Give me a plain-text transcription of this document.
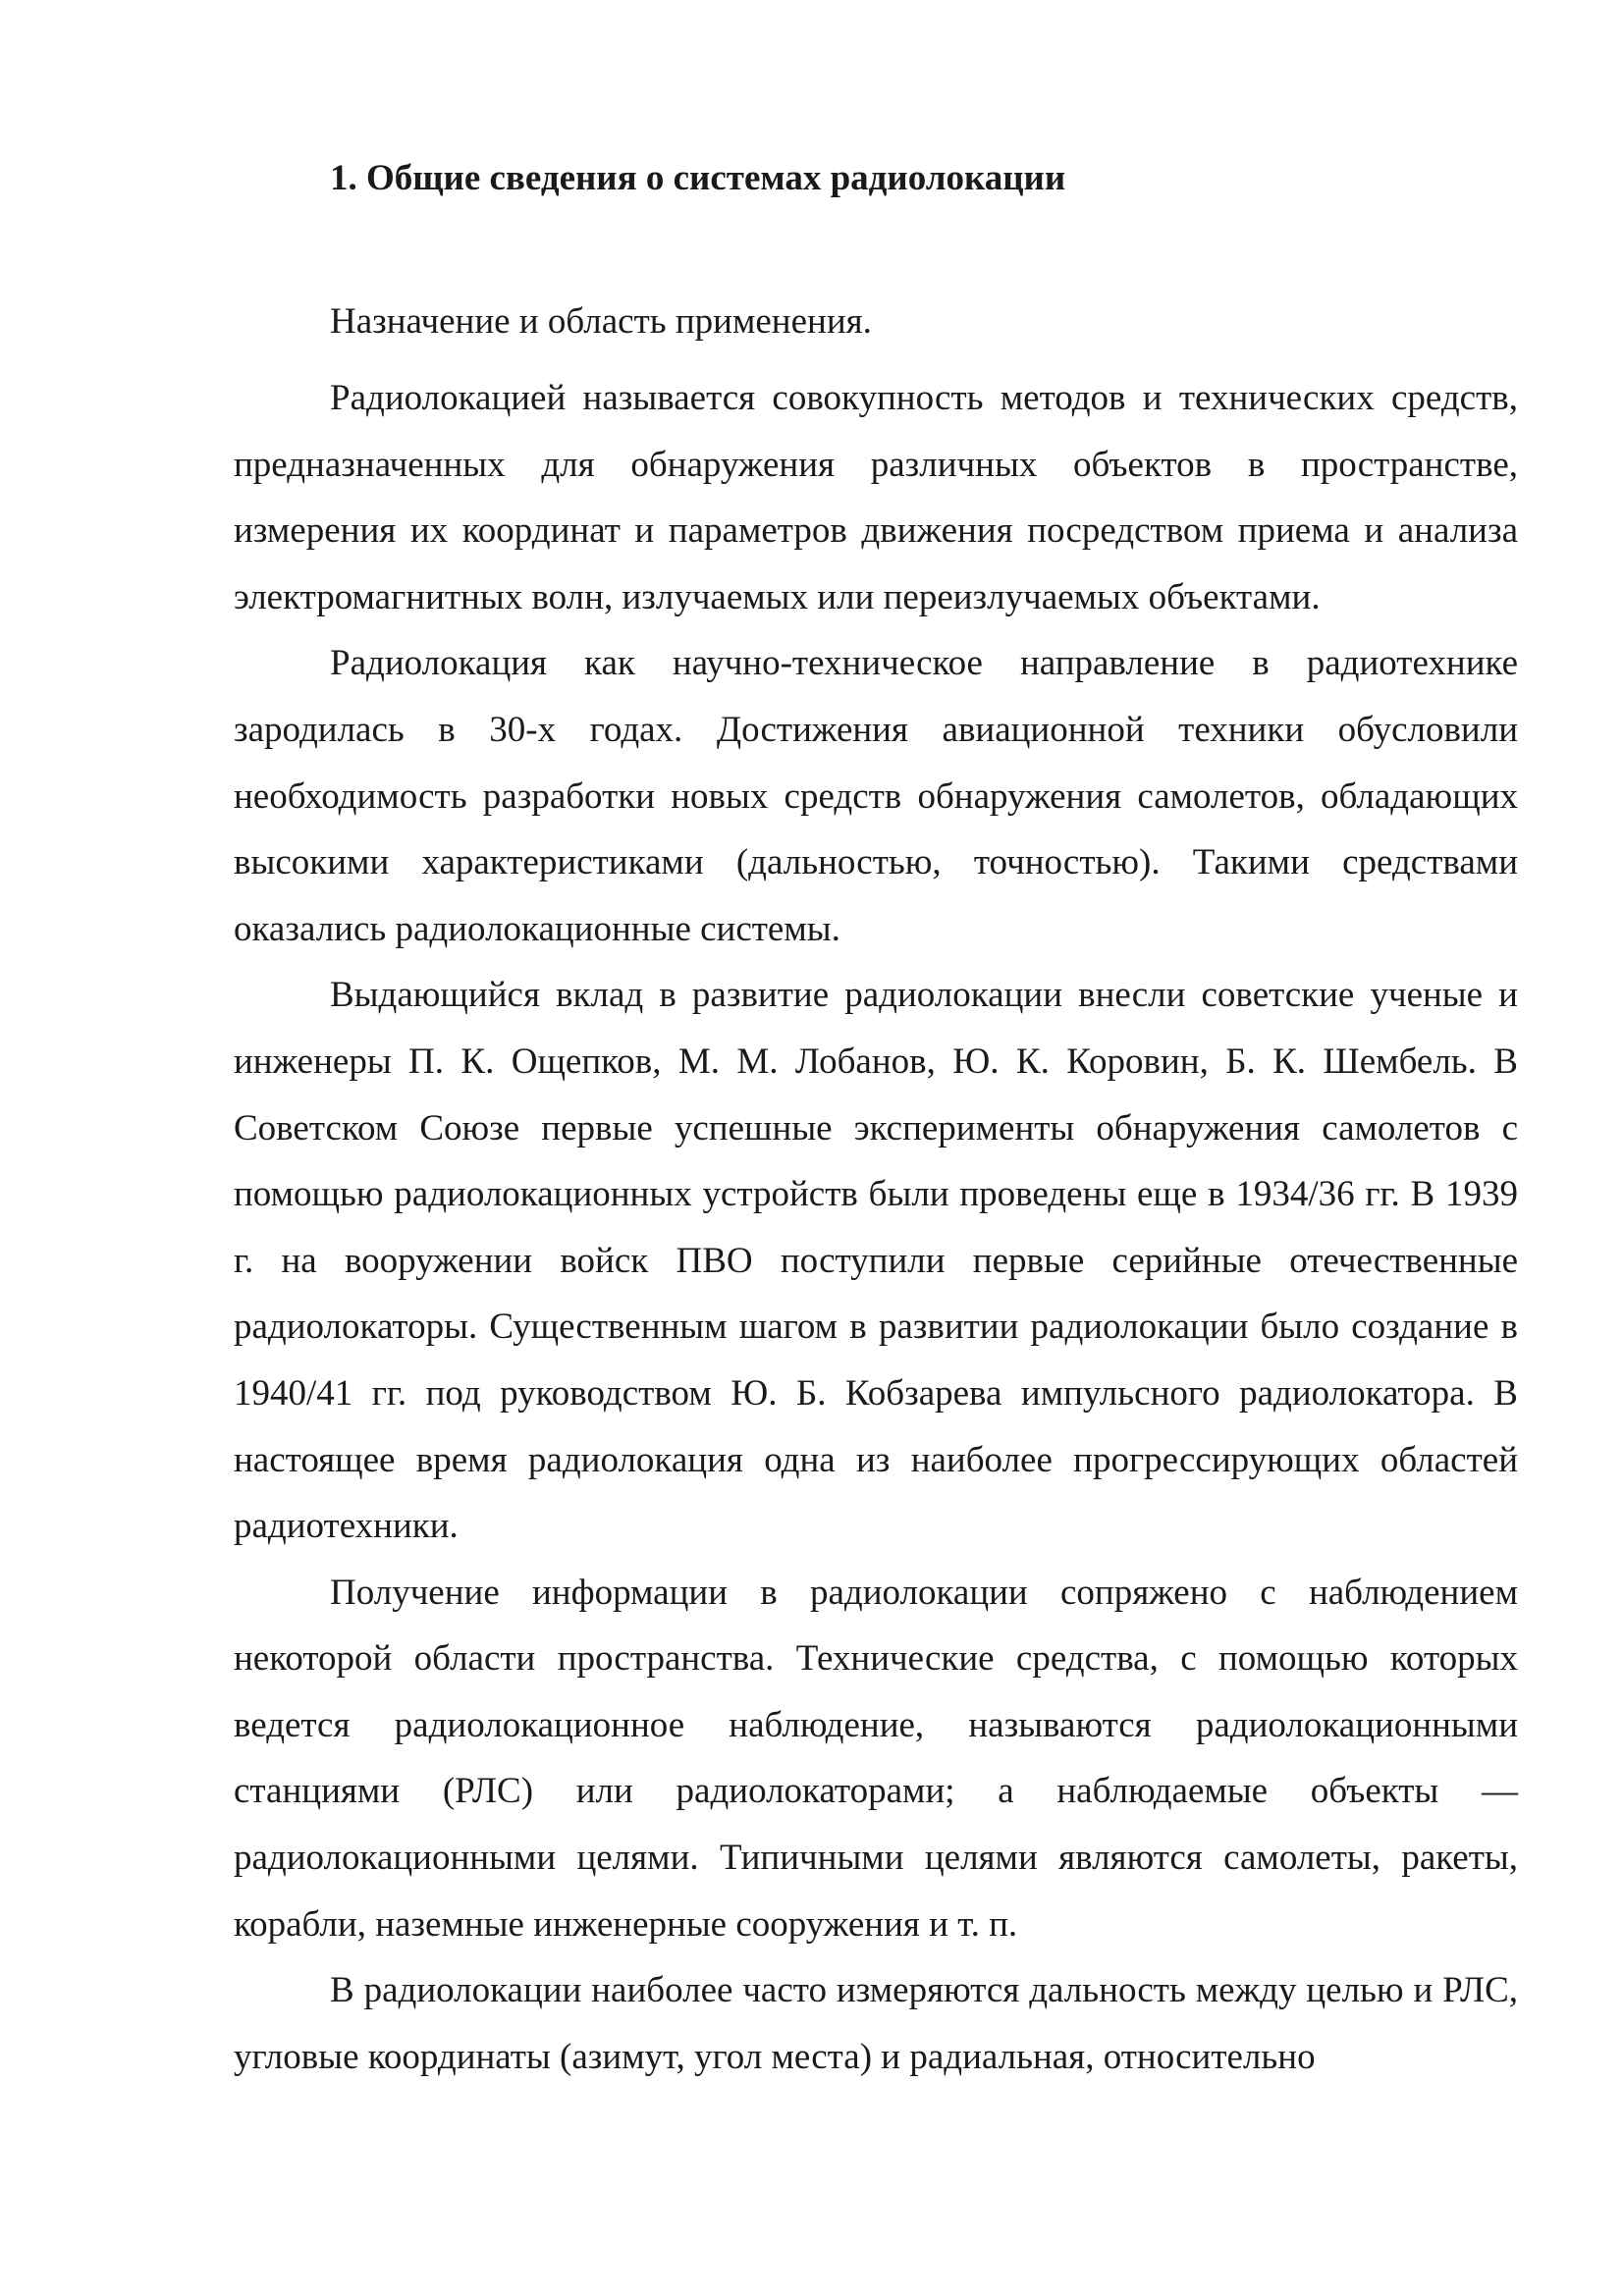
1. Общие сведения о системах радиолокации

Назначение и область применения.

Радиолокацией называется совокупность методов и технических средств, предназначенных для обнаружения различных объектов в пространстве, измерения их координат и параметров движения посредством приема и анализа электромагнитных волн, излучаемых или переизлучаемых объектами.

Радиолокация как научно-техническое направление в радиотехнике зародилась в 30-х годах. Достижения авиационной техники обусловили необходимость разработки новых средств обнаружения самолетов, обладающих высокими характеристиками (дальностью, точностью). Такими средствами оказались радиолокационные системы.

Выдающийся вклад в развитие радиолокации внесли советские ученые и инженеры П. К. Ощепков, М. М. Лобанов, Ю. К. Коровин, Б. К. Шембель. В Советском Союзе первые успешные эксперименты обнаружения самолетов с помощью радиолокационных устройств были проведены еще в 1934/36 гг. В 1939 г. на вооружении войск ПВО поступили первые серийные отечественные радиолокаторы. Существенным шагом в развитии радиолокации было создание в 1940/41 гг. под руководством Ю. Б. Кобзарева импульсного радиолокатора. В настоящее время радиолокация одна из наиболее прогрессирующих областей радиотехники.

Получение информации в радиолокации сопряжено с наблюдением некоторой области пространства. Технические средства, с помощью которых ведется радиолокационное наблюдение, называются радиолокационными станциями (РЛС) или радиолокаторами; а наблюдаемые объекты — радиолокационными целями. Типичными целями являются самолеты, ракеты, корабли, наземные инженерные сооружения и т. п.

В радиолокации наиболее часто измеряются дальность между целью и РЛС, угловые координаты (азимут, угол места) и радиальная, относительно
